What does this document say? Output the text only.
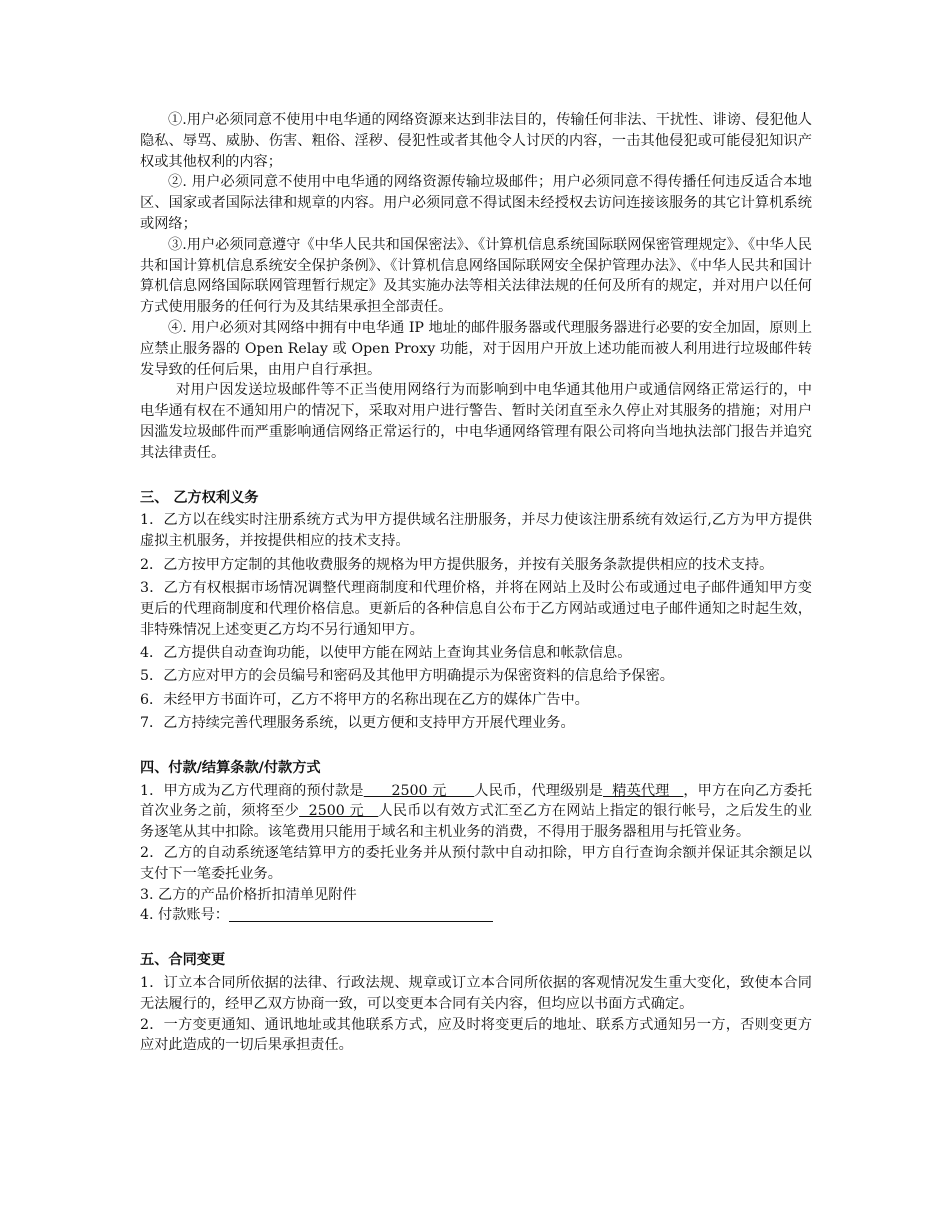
①.用户必须同意不使用中电华通的网络资源来达到非法目的，传输任何非法、干扰性、诽谤、侵犯他人隐私、辱骂、威胁、伤害、粗俗、淫秽、侵犯性或者其他令人讨厌的内容，一击其他侵犯或可能侵犯知识产权或其他权利的内容；

②. 用户必须同意不使用中电华通的网络资源传输垃圾邮件；用户必须同意不得传播任何违反适合本地区、国家或者国际法律和规章的内容。用户必须同意不得试图未经授权去访问连接该服务的其它计算机系统或网络；

③.用户必须同意遵守《中华人民共和国保密法》、《计算机信息系统国际联网保密管理规定》、《中华人民共和国计算机信息系统安全保护条例》、《计算机信息网络国际联网安全保护管理办法》、《中华人民共和国计算机信息网络国际联网管理暂行规定》及其实施办法等相关法律法规的任何及所有的规定，并对用户以任何方式使用服务的任何行为及其结果承担全部责任。

④. 用户必须对其网络中拥有中电华通 IP 地址的邮件服务器或代理服务器进行必要的安全加固，原则上应禁止服务器的 Open Relay 或 Open Proxy 功能，对于因用户开放上述功能而被人利用进行垃圾邮件转发导致的任何后果，由用户自行承担。

对用户因发送垃圾邮件等不正当使用网络行为而影响到中电华通其他用户或通信网络正常运行的，中电华通有权在不通知用户的情况下，采取对用户进行警告、暂时关闭直至永久停止对其服务的措施；对用户因滥发垃圾邮件而严重影响通信网络正常运行的，中电华通网络管理有限公司将向当地执法部门报告并追究其法律责任。

三、 乙方权利义务

1．乙方以在线实时注册系统方式为甲方提供域名注册服务，并尽力使该注册系统有效运行,乙方为甲方提供虚拟主机服务，并按提供相应的技术支持。

2．乙方按甲方定制的其他收费服务的规格为甲方提供服务，并按有关服务条款提供相应的技术支持。

3．乙方有权根据市场情况调整代理商制度和代理价格，并将在网站上及时公布或通过电子邮件通知甲方变更后的代理商制度和代理价格信息。更新后的各种信息自公布于乙方网站或通过电子邮件通知之时起生效，非特殊情况上述变更乙方均不另行通知甲方。

4．乙方提供自动查询功能，以使甲方能在网站上查询其业务信息和帐款信息。

5．乙方应对甲方的会员编号和密码及其他甲方明确提示为保密资料的信息给予保密。

6．未经甲方书面许可，乙方不将甲方的名称出现在乙方的媒体广告中。

7．乙方持续完善代理服务系统，以更方便和支持甲方开展代理业务。

四、付款/结算条款/付款方式

1．甲方成为乙方代理商的预付款是      2500 元      人民币，代理级别是  精英代理   ，甲方在向乙方委托首次业务之前，须将至少  2500 元   人民币以有效方式汇至乙方在网站上指定的银行帐号，之后发生的业务逐笔从其中扣除。该笔费用只能用于域名和主机业务的消费，不得用于服务器租用与托管业务。

2．乙方的自动系统逐笔结算甲方的委托业务并从预付款中自动扣除，甲方自行查询余额并保证其余额足以支付下一笔委托业务。

3. 乙方的产品价格折扣清单见附件

4. 付款账号：

五、合同变更

1．订立本合同所依据的法律、行政法规、规章或订立本合同所依据的客观情况发生重大变化，致使本合同无法履行的，经甲乙双方协商一致，可以变更本合同有关内容，但均应以书面方式确定。

2．一方变更通知、通讯地址或其他联系方式，应及时将变更后的地址、联系方式通知另一方，否则变更方应对此造成的一切后果承担责任。
